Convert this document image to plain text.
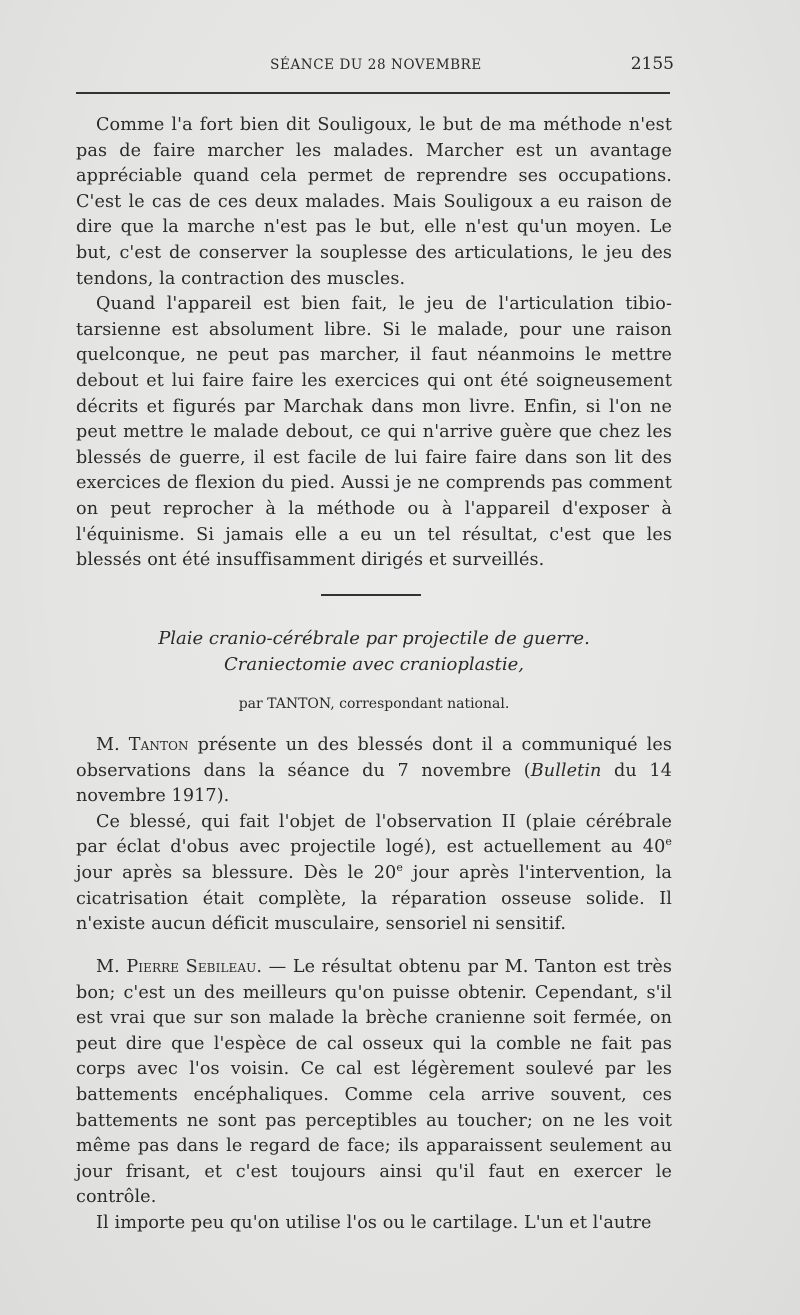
SÉANCE DU 28 NOVEMBRE	2155

Comme l'a fort bien dit Souligoux, le but de ma méthode n'est pas de faire marcher les malades. Marcher est un avantage appréciable quand cela permet de reprendre ses occupations. C'est le cas de ces deux malades. Mais Souligoux a eu raison de dire que la marche n'est pas le but, elle n'est qu'un moyen. Le but, c'est de conserver la souplesse des articulations, le jeu des tendons, la contraction des muscles.

Quand l'appareil est bien fait, le jeu de l'articulation tibio-tarsienne est absolument libre. Si le malade, pour une raison quelconque, ne peut pas marcher, il faut néanmoins le mettre debout et lui faire faire les exercices qui ont été soigneusement décrits et figurés par Marchak dans mon livre. Enfin, si l'on ne peut mettre le malade debout, ce qui n'arrive guère que chez les blessés de guerre, il est facile de lui faire faire dans son lit des exercices de flexion du pied. Aussi je ne comprends pas comment on peut reprocher à la méthode ou à l'appareil d'exposer à l'équinisme. Si jamais elle a eu un tel résultat, c'est que les blessés ont été insuffisamment dirigés et surveillés.

Plaie cranio-cérébrale par projectile de guerre.
Craniectomie avec cranioplastie,
par TANTON, correspondant national.

M. Tanton présente un des blessés dont il a communiqué les observations dans la séance du 7 novembre (Bulletin du 14 novembre 1917).

Ce blessé, qui fait l'objet de l'observation II (plaie cérébrale par éclat d'obus avec projectile logé), est actuellement au 40e jour après sa blessure. Dès le 20e jour après l'intervention, la cicatrisation était complète, la réparation osseuse solide. Il n'existe aucun déficit musculaire, sensoriel ni sensitif.

M. Pierre Sebileau. — Le résultat obtenu par M. Tanton est très bon; c'est un des meilleurs qu'on puisse obtenir. Cependant, s'il est vrai que sur son malade la brèche cranienne soit fermée, on peut dire que l'espèce de cal osseux qui la comble ne fait pas corps avec l'os voisin. Ce cal est légèrement soulevé par les battements encéphaliques. Comme cela arrive souvent, ces battements ne sont pas perceptibles au toucher; on ne les voit même pas dans le regard de face; ils apparaissent seulement au jour frisant, et c'est toujours ainsi qu'il faut en exercer le contrôle.

Il importe peu qu'on utilise l'os ou le cartilage. L'un et l'autre
